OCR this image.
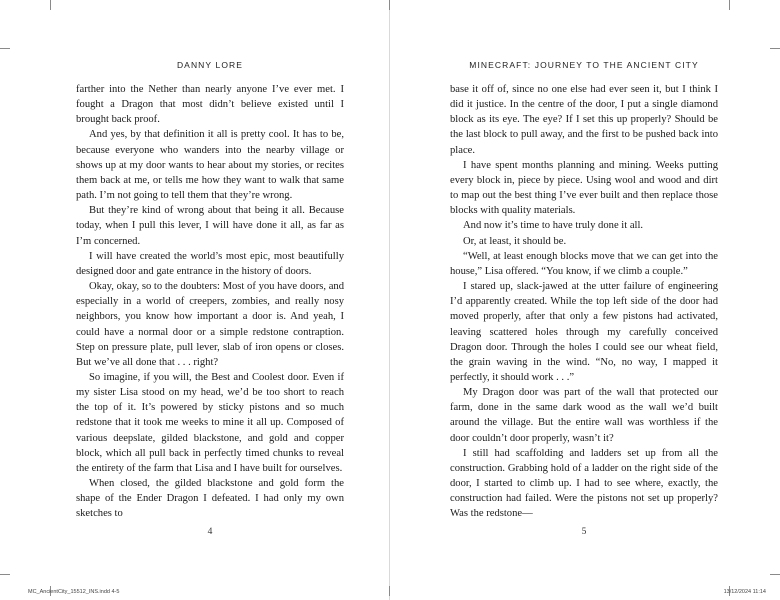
DANNY LORE

farther into the Nether than nearly anyone I’ve ever met. I fought a Dragon that most didn’t believe existed until I brought back proof.

And yes, by that definition it all is pretty cool. It has to be, because everyone who wanders into the nearby village or shows up at my door wants to hear about my stories, or recites them back at me, or tells me how they want to walk that same path. I’m not going to tell them that they’re wrong.

But they’re kind of wrong about that being it all. Because today, when I pull this lever, I will have done it all, as far as I’m concerned.

I will have created the world’s most epic, most beautifully designed door and gate entrance in the history of doors.

Okay, okay, so to the doubters: Most of you have doors, and especially in a world of creepers, zombies, and really nosy neighbors, you know how important a door is. And yeah, I could have a normal door or a simple redstone contraption. Step on pressure plate, pull lever, slab of iron opens or closes. But we’ve all done that . . . right?

So imagine, if you will, the Best and Coolest door. Even if my sister Lisa stood on my head, we’d be too short to reach the top of it. It’s powered by sticky pistons and so much redstone that it took me weeks to mine it all up. Composed of various deepslate, gilded blackstone, and gold and copper block, which all pull back in perfectly timed chunks to reveal the entirety of the farm that Lisa and I have built for ourselves.

When closed, the gilded blackstone and gold form the shape of the Ender Dragon I defeated. I had only my own sketches to

4
MINECRAFT: JOURNEY TO THE ANCIENT CITY

base it off of, since no one else had ever seen it, but I think I did it justice. In the centre of the door, I put a single diamond block as its eye. The eye? If I set this up properly? Should be the last block to pull away, and the first to be pushed back into place.

I have spent months planning and mining. Weeks putting every block in, piece by piece. Using wool and wood and dirt to map out the best thing I’ve ever built and then replace those blocks with quality materials.

And now it’s time to have truly done it all.

Or, at least, it should be.

“Well, at least enough blocks move that we can get into the house,” Lisa offered. “You know, if we climb a couple.”

I stared up, slack-jawed at the utter failure of engineering I’d apparently created. While the top left side of the door had moved properly, after that only a few pistons had activated, leaving scattered holes through my carefully conceived Dragon door. Through the holes I could see our wheat field, the grain waving in the wind. “No, no way, I mapped it perfectly, it should work . . .”

My Dragon door was part of the wall that protected our farm, done in the same dark wood as the wall we’d built around the village. But the entire wall was worthless if the door couldn’t door properly, wasn’t it?

I still had scaffolding and ladders set up from all the construction. Grabbing hold of a ladder on the right side of the door, I started to climb up. I had to see where, exactly, the construction had failed. Were the pistons not set up properly? Was the redstone—

5
MC_AncientCity_15512_INS.indd 4-5	13/12/2024 11:14
